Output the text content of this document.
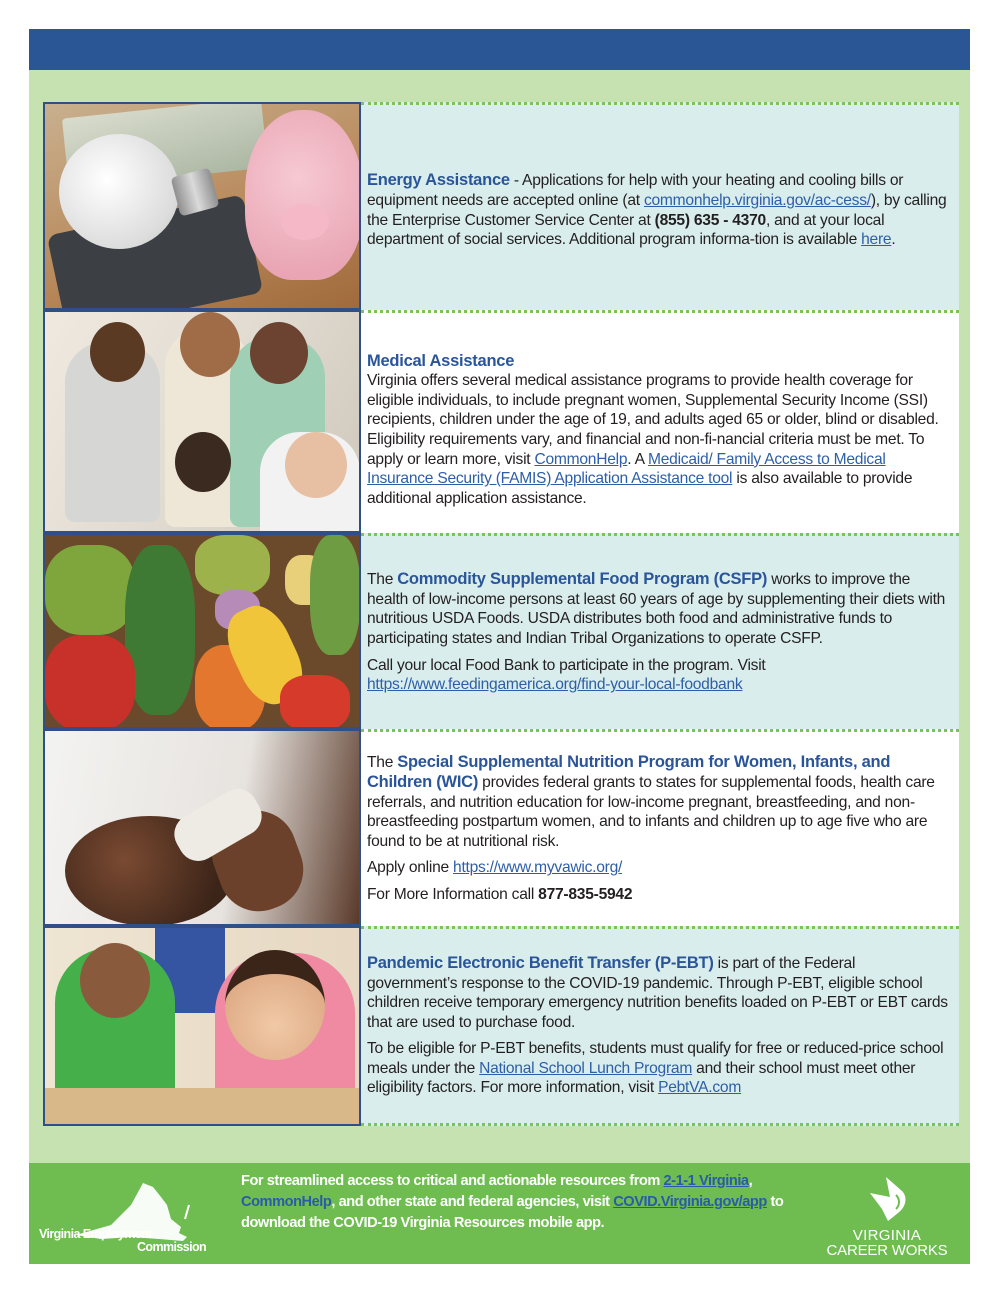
Energy Assistance - Applications for help with your heating and cooling bills or equipment needs are accepted online (at commonhelp.virginia.gov/ac-cess/), by calling the Enterprise Customer Service Center at (855) 635 - 4370, and at your local department of social services. Additional program informa-tion is available here.
Medical Assistance
Virginia offers several medical assistance programs to provide health coverage for eligible individuals, to include pregnant women, Supplemental Security Income (SSI) recipients, children under the age of 19, and adults aged 65 or older, blind or disabled. Eligibility requirements vary, and financial and non-fi-nancial criteria must be met. To apply or learn more, visit CommonHelp. A Medicaid/ Family Access to Medical Insurance Security (FAMIS) Application Assistance tool is also available to provide additional application assistance.
The Commodity Supplemental Food Program (CSFP) works to improve the health of low-income persons at least 60 years of age by supplementing their diets with nutritious USDA Foods. USDA distributes both food and administrative funds to participating states and Indian Tribal Organizations to operate CSFP.
Call your local Food Bank to participate in the program. Visit https://www.feedingamerica.org/find-your-local-foodbank
The Special Supplemental Nutrition Program for Women, Infants, and Children (WIC) provides federal grants to states for supplemental foods, health care referrals, and nutrition education for low-income pregnant, breastfeeding, and non-breastfeeding postpartum women, and to infants and children up to age five who are found to be at nutritional risk.
Apply online https://www.myvawic.org/
For More Information call 877-835-5942
Pandemic Electronic Benefit Transfer (P-EBT) is part of the Federal government’s response to the COVID-19 pandemic. Through P-EBT, eligible school children receive temporary emergency nutrition benefits loaded on P-EBT or EBT cards that are used to purchase food.
To be eligible for P-EBT benefits, students must qualify for free or reduced-price school meals under the National School Lunch Program and their school must meet other eligibility factors. For more information, visit PebtVA.com
Virginia Employment
Commission
For streamlined access to critical and actionable resources from 2-1-1 Virginia, CommonHelp, and other state and federal agencies, visit COVID.Virginia.gov/app to download the COVID-19 Virginia Resources mobile app.
VIRGINIA
CAREER WORKS
